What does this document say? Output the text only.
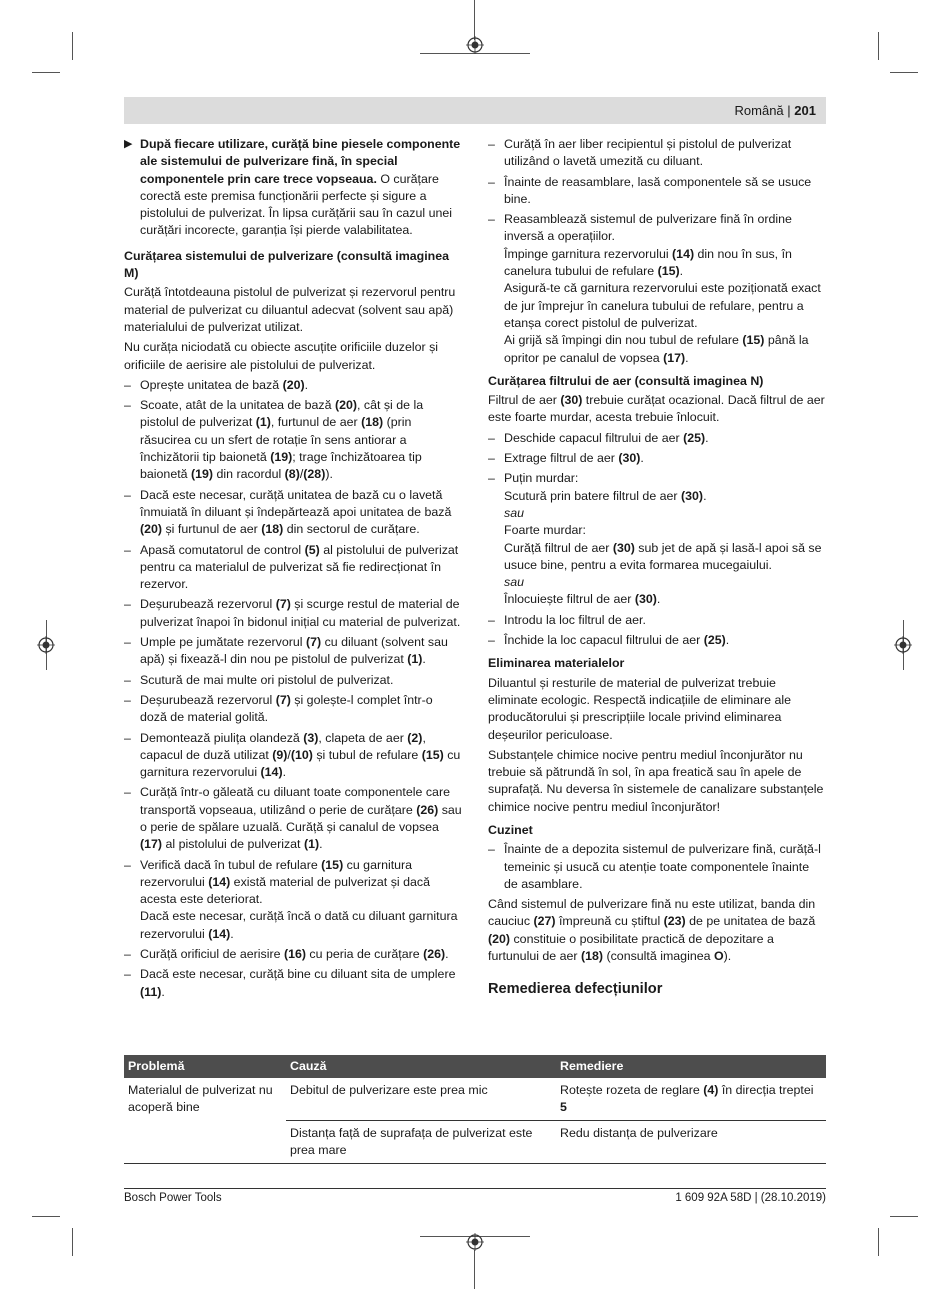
Română | 201
▶ După fiecare utilizare, curăță bine piesele componente ale sistemului de pulverizare fină, în special componentele prin care trece vopseaua. O curățare corectă este premisa funcționării perfecte și sigure a pistolului de pulverizat. În lipsa curățării sau în cazul unei curățări incorecte, garanția își pierde valabilitatea.
Curățarea sistemului de pulverizare (consultă imaginea M)

Curăță întotdeauna pistolul de pulverizat și rezervorul pentru material de pulverizat cu diluantul adecvat (solvent sau apă) materialului de pulverizat utilizat.

Nu curăța niciodată cu obiecte ascuțite orificiile duzelor și orificiile de aerisire ale pistolului de pulverizat.

– Oprește unitatea de bază (20).
– Scoate, atât de la unitatea de bază (20), cât și de la pistolul de pulverizat (1), furtunul de aer (18) (prin răsucirea cu un sfert de rotație în sens antiorar a închizătorii tip baionetă (19); trage închizătoarea tip baionetă (19) din racordul (8)/(28)).
– Dacă este necesar, curăță unitatea de bază cu o lavetă înmuiată în diluant și îndepărtează apoi unitatea de bază (20) și furtunul de aer (18) din sectorul de curățare.
– Apasă comutatorul de control (5) al pistolului de pulverizat pentru ca materialul de pulverizat să fie redirecționat în rezervor.
– Deșurubează rezervorul (7) și scurge restul de material de pulverizat înapoi în bidonul inițial cu material de pulverizat.
– Umple pe jumătate rezervorul (7) cu diluant (solvent sau apă) și fixează-l din nou pe pistolul de pulverizat (1).
– Scutură de mai multe ori pistolul de pulverizat.
– Deșurubează rezervorul (7) și golește-l complet într-o doză de material golită.
– Demontează piulița olandeză (3), clapeta de aer (2), capacul de duză utilizat (9)/(10) și tubul de refulare (15) cu garnitura rezervorului (14).
– Curăță într-o găleată cu diluant toate componentele care transportă vopseaua, utilizând o perie de curățare (26) sau o perie de spălare uzuală. Curăță și canalul de vopsea (17) al pistolului de pulverizat (1).
– Verifică dacă în tubul de refulare (15) cu garnitura rezervorului (14) există material de pulverizat și dacă acesta este deteriorat.
Dacă este necesar, curăță încă o dată cu diluant garnitura rezervorului (14).
– Curăță orificiul de aerisire (16) cu peria de curățare (26).
– Dacă este necesar, curăță bine cu diluant sita de umplere (11).
– Curăță în aer liber recipientul și pistolul de pulverizat utilizând o lavetă umezită cu diluant.
– Înainte de reasamblare, lasă componentele să se usuce bine.
– Reasamblează sistemul de pulverizare fină în ordine inversă a operațiilor.
Împinge garnitura rezervorului (14) din nou în sus, în canelura tubului de refulare (15).
Asigură-te că garnitura rezervorului este poziționată exact de jur împrejur în canelura tubului de refulare, pentru a etanșa corect pistolul de pulverizat.
Ai grijă să împingi din nou tubul de refulare (15) până la opritor pe canalul de vopsea (17).
Curățarea filtrului de aer (consultă imaginea N)

Filtrul de aer (30) trebuie curățat ocazional. Dacă filtrul de aer este foarte murdar, acesta trebuie înlocuit.

– Deschide capacul filtrului de aer (25).
– Extrage filtrul de aer (30).
– Puțin murdar:
Scutură prin batere filtrul de aer (30).
sau
Foarte murdar:
Curăță filtrul de aer (30) sub jet de apă și lasă-l apoi să se usuce bine, pentru a evita formarea mucegaiului.
sau
Înlocuiește filtrul de aer (30).
– Introdu la loc filtrul de aer.
– Închide la loc capacul filtrului de aer (25).
Eliminarea materialelor

Diluantul și resturile de material de pulverizat trebuie eliminate ecologic. Respectă indicațiile de eliminare ale producătorului și prescripțiile locale privind eliminarea deșeurilor periculoase.

Substanțele chimice nocive pentru mediul înconjurător nu trebuie să pătrundă în sol, în apa freatică sau în apele de suprafață. Nu deversa în sistemele de canalizare substanțele chimice nocive pentru mediul înconjurător!

Cuzinet
– Înainte de a depozita sistemul de pulverizare fină, curăță-l temeinic și usucă cu atenție toate componentele înainte de asamblare.

Când sistemul de pulverizare fină nu este utilizat, banda din cauciuc (27) împreună cu știftul (23) de pe unitatea de bază (20) constituie o posibilitate practică de depozitare a furtunului de aer (18) (consultă imaginea O).

Remedierea defecțiunilor
Problemă	Cauză	Remediere
Materialul de pulverizat nu acoperă bine	Debitul de pulverizare este prea mic	Rotește rozeta de reglare (4) în direcția treptei 5
	Distanța față de suprafața de pulverizat este prea mare	Redu distanța de pulverizare
Bosch Power Tools	1 609 92A 58D | (28.10.2019)
